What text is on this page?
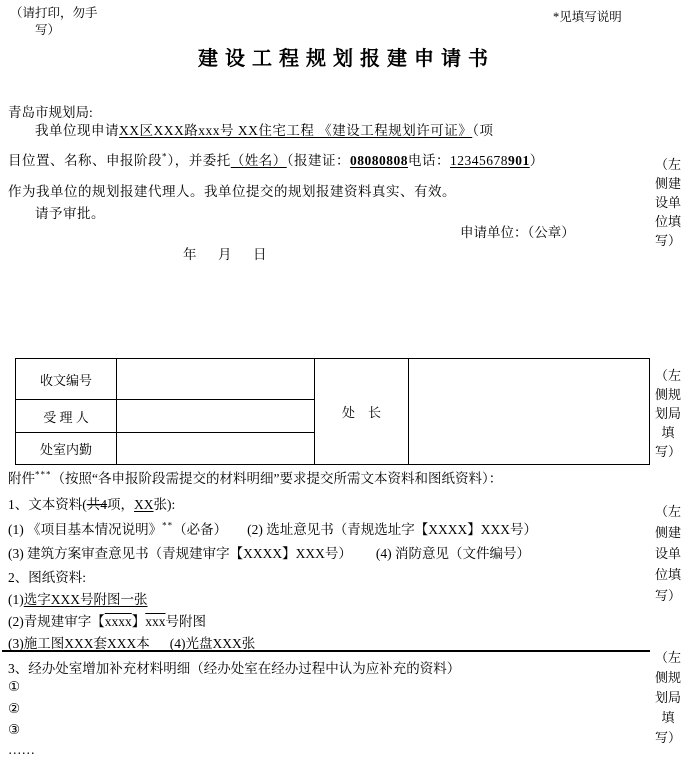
（请打印，勿手
　　写）
*见填写说明
建设工程规划报建申请书
青岛市规划局:
我单位现申请XX区XXX路xxx号 XX住宅工程 《建设工程规划许可证》（项
目位置、名称、申报阶段*），并委托（姓名）（报建证：08080808电话：12345678901）
作为我单位的规划报建代理人。我单位提交的规划报建资料真实、有效。
请予审批。
申请单位：（公章）
年　月　日
收文编号		处　长	
受 理 人			
处室内勤			
附件***（按照“各申报阶段需提交的材料明细”要求提交所需文本资料和图纸资料）：
1、文本资料(共4项，XX张):
(1) 《项目基本情况说明》**（必备） (2) 选址意见书（青规选址字【XXXX】XXX号）
(3) 建筑方案审查意见书（青规建审字【XXXX】XXX号） (4) 消防意见（文件编号）
2、图纸资料:
(1)选字XXX号附图一张
(2)青规建审字【xxxx】$\overline{xxx}$号附图
(3)施工图XXX套XXX本 (4)光盘XXX张
3、经办处室增加补充材料明细（经办处室在经办过程中认为应补充的资料）
①
②
③
……
（左
侧建
设单
位填
写）
（左
侧规
划局
填
写）
（左
侧建
设单
位填
写）
（左
侧规
划局
填
写）
